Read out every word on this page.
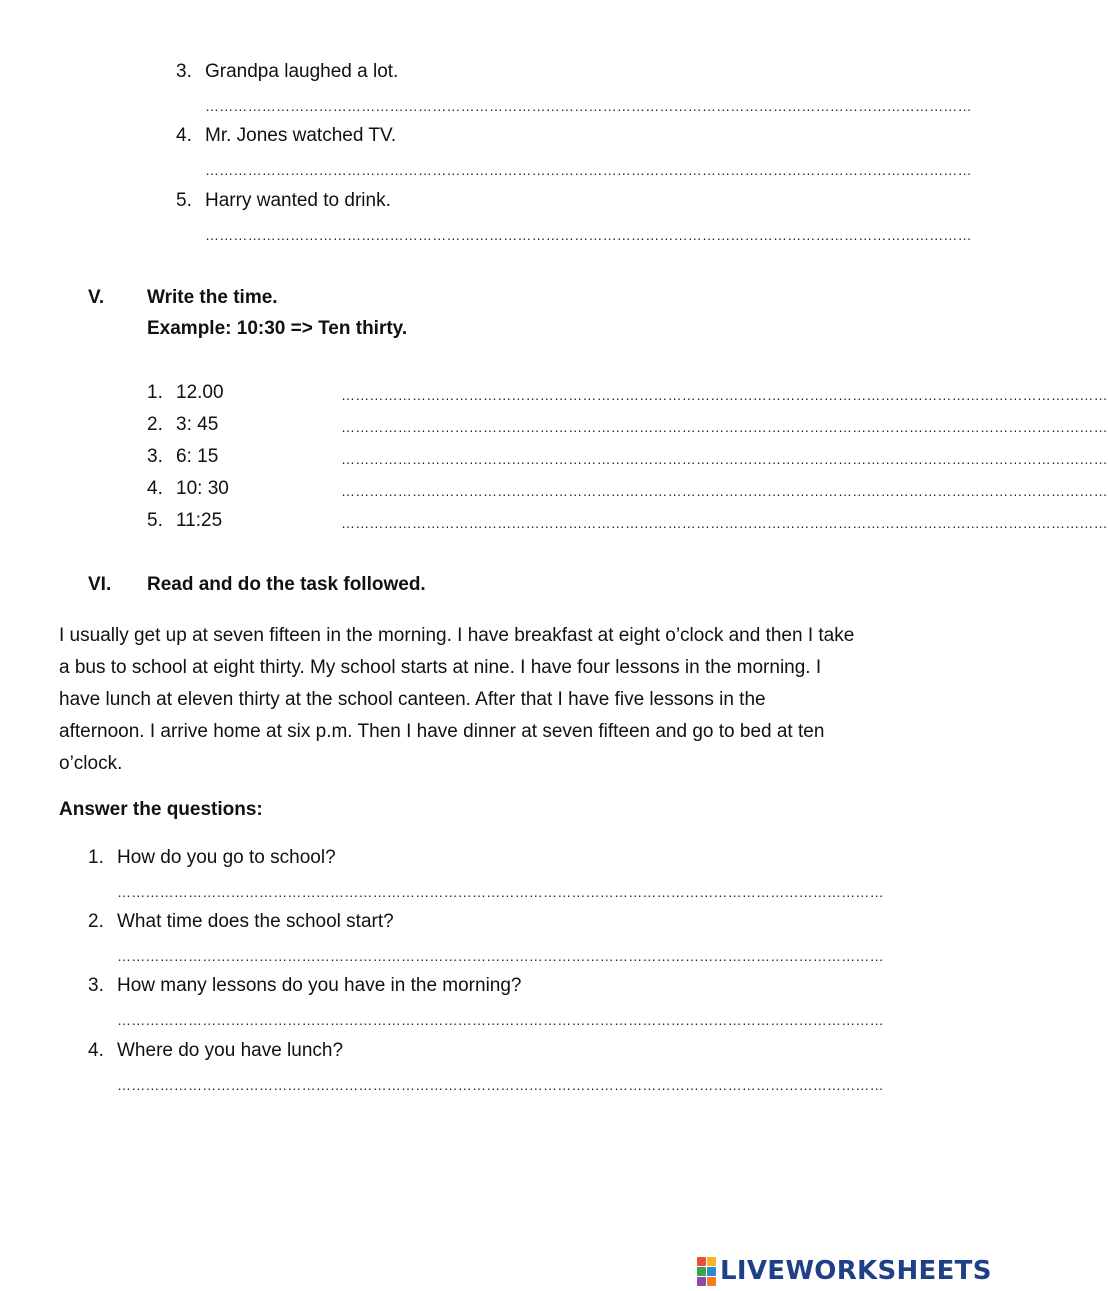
3. Grandpa laughed a lot.
………………………………………………………………………………………………………………………………………………
4. Mr. Jones watched TV.
………………………………………………………………………………………………………………………………………………
5. Harry wanted to drink.
………………………………………………………………………………………………………………………………………………
V. Write the time.
Example: 10:30 => Ten thirty.
1. 12.00	………………………………………………………………………………………………………………………………………………
2. 3: 45	………………………………………………………………………………………………………………………………………………
3. 6: 15	………………………………………………………………………………………………………………………………………………
4. 10: 30	………………………………………………………………………………………………………………………………………………
5. 11:25	………………………………………………………………………………………………………………………………………………
VI. Read and do the task followed.
I usually get up at seven fifteen in the morning. I have breakfast at eight o’clock and then I take
a bus to school at eight thirty. My school starts at nine. I have four lessons in the morning. I
have lunch at eleven thirty at the school canteen. After that I have five lessons in the
afternoon. I arrive home at six p.m. Then I have dinner at seven fifteen and go to bed at ten
o’clock.
Answer the questions:
1. How do you go to school?
………………………………………………………………………………………………………………………………………………
2. What time does the school start?
………………………………………………………………………………………………………………………………………………
3. How many lessons do you have in the morning?
………………………………………………………………………………………………………………………………………………
4. Where do you have lunch?
………………………………………………………………………………………………………………………………………………
LIVEWORKSHEETS
